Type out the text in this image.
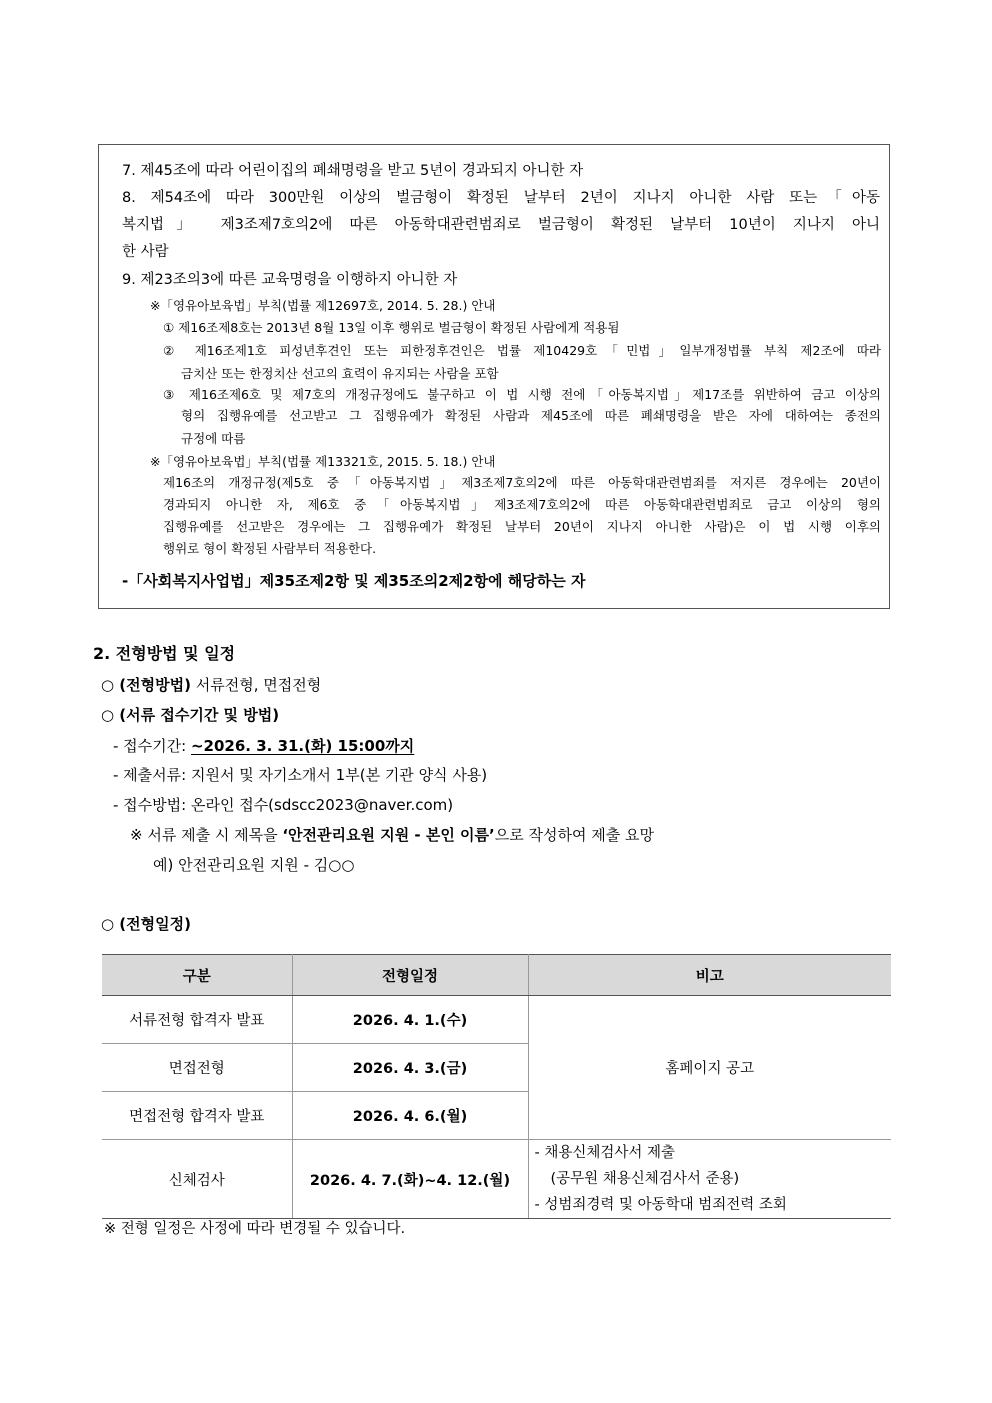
7. 제45조에 따라 어린이집의 폐쇄명령을 받고 5년이 경과되지 아니한 자
8. 제54조에 따라 300만원 이상의 벌금형이 확정된 날부터 2년이 지나지 아니한 사람 또는「아동
복지법」 제3조제7호의2에 따른 아동학대관련범죄로 벌금형이 확정된 날부터 10년이 지나지 아니
한 사람
9. 제23조의3에 따른 교육명령을 이행하지 아니한 자
※「영유아보육법」부칙(법률 제12697호, 2014. 5. 28.) 안내
① 제16조제8호는 2013년 8월 13일 이후 행위로 벌금형이 확정된 사람에게 적용됨
② 제16조제1호 피성년후견인 또는 피한정후견인은 법률 제10429호「민법」일부개정법률 부칙 제2조에 따라
금치산 또는 한정치산 선고의 효력이 유지되는 사람을 포함
③ 제16조제6호 및 제7호의 개정규정에도 불구하고 이 법 시행 전에「아동복지법」제17조를 위반하여 금고 이상의
형의 집행유예를 선고받고 그 집행유예가 확정된 사람과 제45조에 따른 폐쇄명령을 받은 자에 대하여는 종전의
규정에 따름
※「영유아보육법」부칙(법률 제13321호, 2015. 5. 18.) 안내
제16조의 개정규정(제5호 중「아동복지법」제3조제7호의2에 따른 아동학대관련범죄를 저지른 경우에는 20년이
경과되지 아니한 자, 제6호 중「아동복지법」제3조제7호의2에 따른 아동학대관련범죄로 금고 이상의 형의
집행유예를 선고받은 경우에는 그 집행유예가 확정된 날부터 20년이 지나지 아니한 사람)은 이 법 시행 이후의
행위로 형이 확정된 사람부터 적용한다.
-「사회복지사업법」제35조제2항 및 제35조의2제2항에 해당하는 자
2. 전형방법 및 일정
○ (전형방법) 서류전형, 면접전형
○ (서류 접수기간 및 방법)
- 접수기간: ~2026. 3. 31.(화) 15:00까지
- 제출서류: 지원서 및 자기소개서 1부(본 기관 양식 사용)
- 접수방법: 온라인 접수(sdscc2023@naver.com)
※ 서류 제출 시 제목을 ‘안전관리요원 지원 - 본인 이름’으로 작성하여 제출 요망
예) 안전관리요원 지원 - 김○○
○ (전형일정)
구분	전형일정	비고
서류전형 합격자 발표	2026. 4. 1.(수)	홈페이지 공고
면접전형	2026. 4. 3.(금)	
면접전형 합격자 발표	2026. 4. 6.(월)	
신체검사	2026. 4. 7.(화)~4. 12.(월)	- 채용신체검사서 제출
(공무원 채용신체검사서 준용)
- 성범죄경력 및 아동학대 범죄전력 조회
※ 전형 일정은 사정에 따라 변경될 수 있습니다.
